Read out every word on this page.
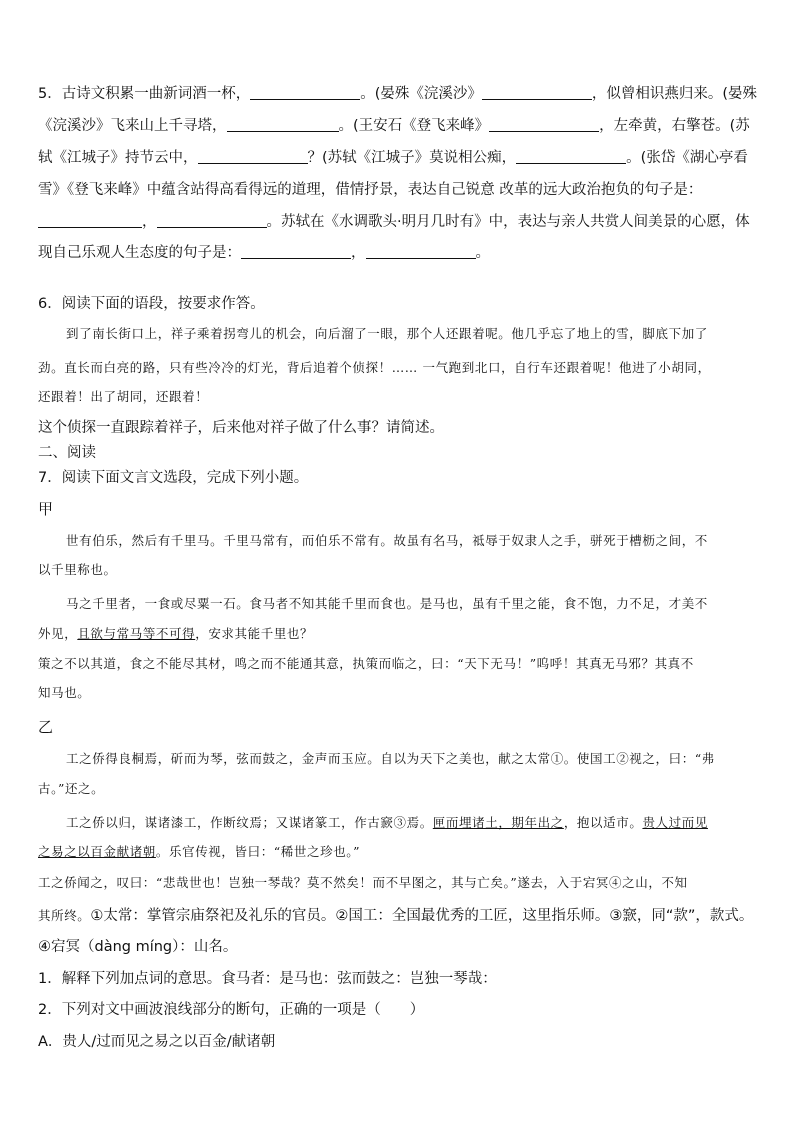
5．古诗文积累一曲新词酒一杯，	。(晏殊《浣溪沙》	，似曾相识燕归来。(晏殊
《浣溪沙》飞来山上千寻塔，	。(王安石《登飞来峰》	，左牵黄，右擎苍。(苏
轼《江城子》持节云中，	？(苏轼《江城子》莫说相公痴，	。(张岱《湖心亭看
雪》《登飞来峰》中蕴含站得高看得远的道理，借情抒景，表达自己锐意 改革的远大政治抱负的句子是：
，	。苏轼在《水调歌头·明月几时有》中，表达与亲人共赏人间美景的心愿，体
现自己乐观人生态度的句子是：	，	。
6．阅读下面的语段，按要求作答。
到了南长街口上，祥子乘着拐弯儿的机会，向后溜了一眼，那个人还跟着呢。他几乎忘了地上的雪，脚底下加了
劲。直长而白亮的路，只有些冷冷的灯光，背后追着个侦探！…… 一气跑到北口，自行车还跟着呢！他进了小胡同，
还跟着！出了胡同，还跟着！
这个侦探一直跟踪着祥子，后来他对祥子做了什么事？请简述。
二、阅读
7．阅读下面文言文选段，完成下列小题。
甲
世有伯乐，然后有千里马。千里马常有，而伯乐不常有。故虽有名马，祗辱于奴隶人之手，骈死于槽枥之间，不
以千里称也。
马之千里者，一食或尽粟一石。食马者不知其能千里而食也。是马也，虽有千里之能，食不饱，力不足，才美不
外见，且欲与常马等不可得，安求其能千里也？
策之不以其道，食之不能尽其材，鸣之而不能通其意，执策而临之，曰：“天下无马！”呜呼！其真无马邪？其真不
知马也。
乙
工之侨得良桐焉，斫而为琴，弦而鼓之，金声而玉应。自以为天下之美也，献之太常①。使国工②视之，曰：“弗
古。”还之。
工之侨以归，谋诸漆工，作断纹焉；又谋诸篆工，作古窾③焉。匣而埋诸土，期年出之，抱以适市。贵人过而见
之易之以百金献诸朝。乐官传视，皆曰：“稀世之珍也。”
工之侨闻之，叹曰：“悲哉世也！岂独一琴哉？莫不然矣！而不早图之，其与亡矣。”遂去，入于宕冥④之山，不知
其所终。①太常：掌管宗庙祭祀及礼乐的官员。②国工：全国最优秀的工匠，这里指乐师。③窾，同“款”，款式。
④宕冥（dàng míng）：山名。
1．解释下列加点词的意思。食马者：是马也：弦而鼓之：岂独一琴哉：
2．下列对文中画波浪线部分的断句，正确的一项是（　　）
A．贵人/过而见之易之以百金/献诸朝
